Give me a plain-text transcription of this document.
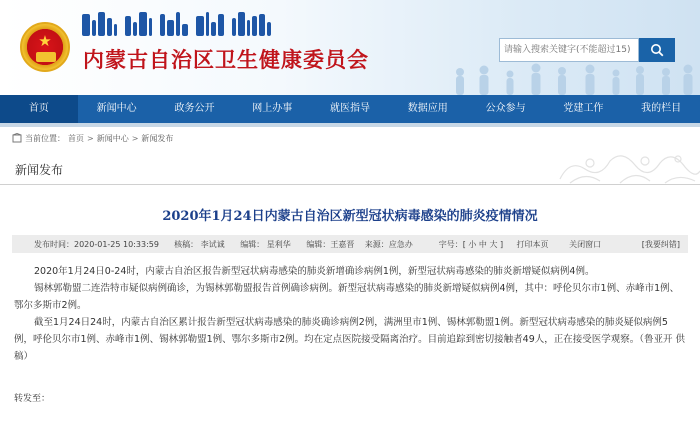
★
内蒙古自治区卫生健康委员会
请输入搜索关键字(不能超过15)
首页	新闻中心	政务公开	网上办事	就医指导	数据应用	公众参与	党建工作	我的栏目
当前位置： 首页 > 新闻中心 > 新闻发布
新闻发布
2020年1月24日内蒙古自治区新型冠状病毒感染的肺炎疫情情况
发布时间：2020-01-25 10:33:59	核稿： 李试诚	编辑： 星利华	编辑：王嘉晋	来源：应急办	字号：[ 小 中 大 ]	打印本页	关闭窗口	[我要纠错]

2020年1月24日0-24时，内蒙古自治区报告新型冠状病毒感染的肺炎新增确诊病例1例，新型冠状病毒感染的肺炎新增疑似病例4例。

锡林郭勒盟二连浩特市疑似病例确诊，为锡林郭勒盟报告首例确诊病例。新型冠状病毒感染的肺炎新增疑似病例4例，其中：呼伦贝尔市1例、赤峰市1例、鄂尔多斯市2例。

截至1月24日24时，内蒙古自治区累计报告新型冠状病毒感染的肺炎确诊病例2例，满洲里市1例、锡林郭勒盟1例。新型冠状病毒感染的肺炎疑似病例5例，呼伦贝尔市1例、赤峰市1例、锡林郭勒盟1例、鄂尔多斯市2例。均在定点医院接受隔离治疗。目前追踪到密切接触者49人，正在接受医学观察。（鲁亚开 供稿）

转发至：
